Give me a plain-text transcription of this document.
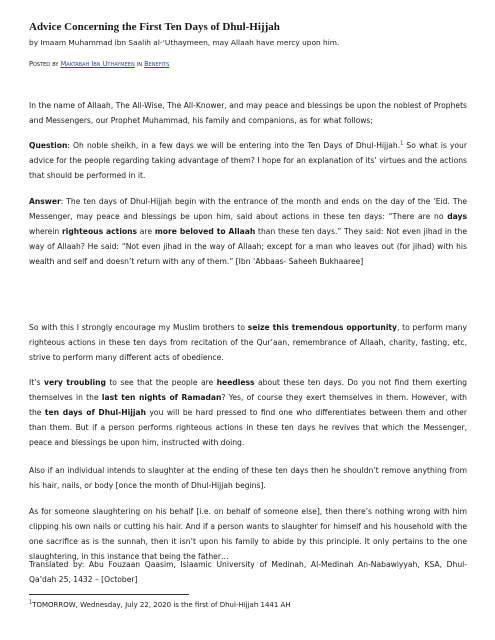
Advice Concerning the First Ten Days of Dhul-Hijjah
by Imaam Muhammad ibn Saalih al-‘Uthaymeen, may Allaah have mercy upon him.
Posted by Maktabah Ibn Uthaymeen in Benefits

In the name of Allaah, The All-Wise, The All-Knower, and may peace and blessings be upon the noblest of Prophets and Messengers, our Prophet Muhammad, his family and companions, as for what follows;

Question: Oh noble sheikh, in a few days we will be entering into the Ten Days of Dhul-Hijjah.$^1$ So what is your advice for the people regarding taking advantage of them? I hope for an explanation of its’ virtues and the actions that should be performed in it.

Answer: The ten days of Dhul-Hijjah begin with the entrance of the month and ends on the day of the ‘Eid. The Messenger, may peace and blessings be upon him, said about actions in these ten days: “There are no days wherein righteous actions are more beloved to Allaah than these ten days.” They said: Not even jihad in the way of Allaah? He said: “Not even jihad in the way of Allaah; except for a man who leaves out (for jihad) with his wealth and self and doesn’t return with any of them.” [Ibn ‘Abbaas- Saheeh Bukhaaree]

So with this I strongly encourage my Muslim brothers to seize this tremendous opportunity, to perform many righteous actions in these ten days from recitation of the Qur’aan, remembrance of Allaah, charity, fasting, etc, strive to perform many different acts of obedience.

It’s very troubling to see that the people are heedless about these ten days. Do you not find them exerting themselves in the last ten nights of Ramadan? Yes, of course they exert themselves in them. However, with the ten days of Dhul-Hijjah you will be hard pressed to find one who differentiates between them and other than them. But if a person performs righteous actions in these ten days he revives that which the Messenger, peace and blessings be upon him, instructed with doing.

Also if an individual intends to slaughter at the ending of these ten days then he shouldn’t remove anything from his hair, nails, or body [once the month of Dhul-Hijjah begins].

As for someone slaughtering on his behalf [i.e. on behalf of someone else], then there’s nothing wrong with him clipping his own nails or cutting his hair. And if a person wants to slaughter for himself and his household with the one sacrifice as is the sunnah, then it isn’t upon his family to abide by this principle. It only pertains to the one slaughtering, in this instance that being the father…

Translated by: Abu Fouzaan Qaasim, Islaamic University of Medinah, Al-Medinah An-Nabawiyyah, KSA, Dhul-Qa’dah 25, 1432 – [October]

$^1$TOMORROW, Wednesday, July 22, 2020 is the first of Dhul-Hijjah 1441 AH
